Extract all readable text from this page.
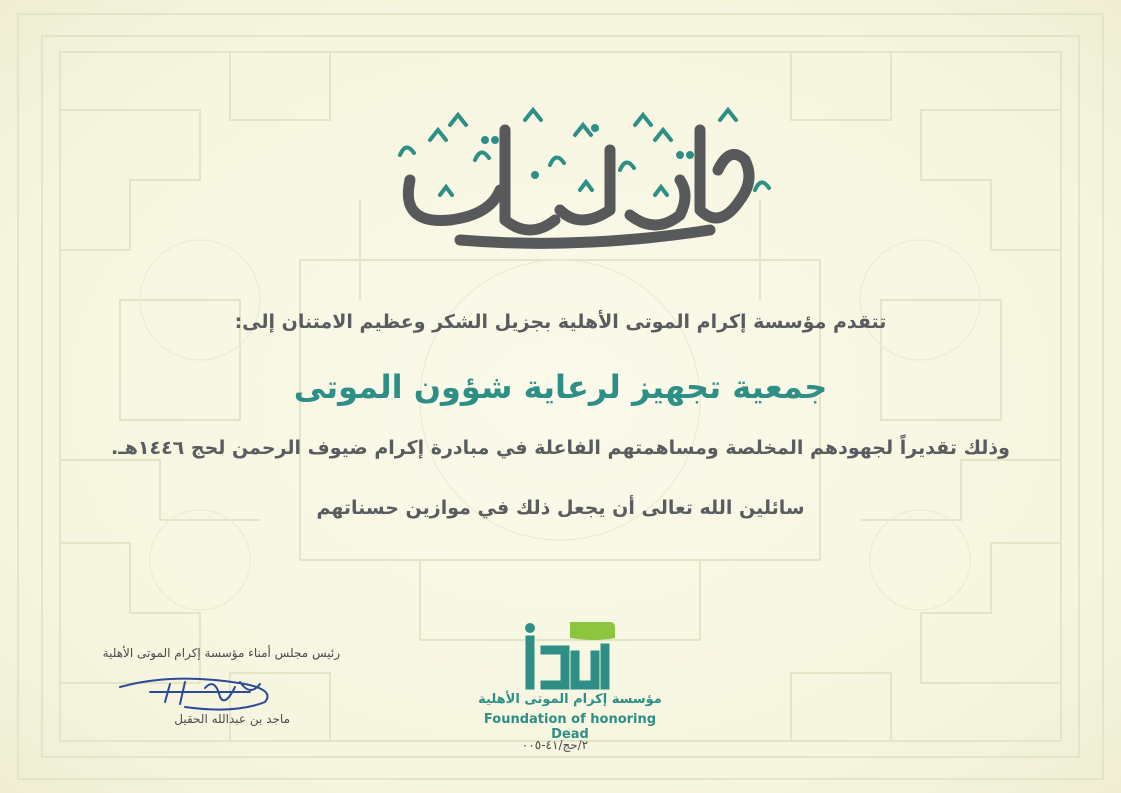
تتقدم مؤسسة إكرام الموتى الأهلية بجزيل الشكر وعظيم الامتنان إلى:
جمعية تجهيز لرعاية شؤون الموتى
وذلك تقديراً لجهودهم المخلصة ومساهمتهم الفاعلة في مبادرة إكرام ضيوف الرحمن لحج ١٤٤٦هـ.
سائلين الله تعالى أن يجعل ذلك في موازين حسناتهم
رئيس مجلس أمناء مؤسسة إكرام الموتى الأهلية
ماجد بن عبدالله الحقيل
مؤسسة إكرام الموتى الأهلية
Foundation of honoring Dead
٢/حج/٤١-٠٠٥
